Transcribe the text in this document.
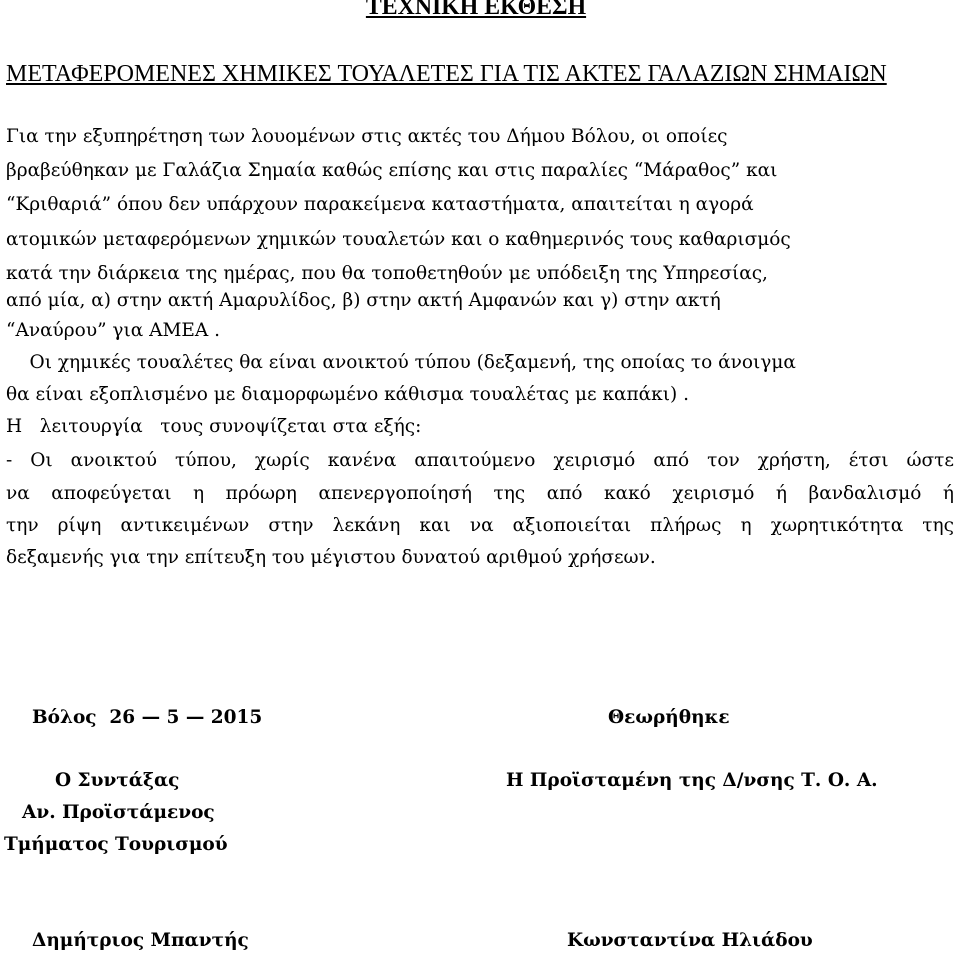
ΤΕΧΝΙΚΗ ΕΚΘΕΣΗ
ΜΕΤΑΦΕΡΟΜΕΝΕΣ ΧΗΜΙΚΕΣ ΤΟΥΑΛΕΤΕΣ ΓΙΑ ΤΙΣ ΑΚΤΕΣ ΓΑΛΑΖΙΩΝ ΣΗΜΑΙΩΝ
Για την εξυπηρέτηση των λουομένων στις ακτές του Δήμου Βόλου, οι οποίες
βραβεύθηκαν με Γαλάζια Σημαία καθώς επίσης και στις παραλίες “Μάραθος” και
“Κριθαριά” όπου δεν υπάρχουν παρακείμενα καταστήματα, απαιτείται η αγορά
ατομικών μεταφερόμενων χημικών τουαλετών και ο καθημερινός τους καθαρισμός
κατά την διάρκεια της ημέρας, που θα τοποθετηθούν με υπόδειξη της Υπηρεσίας,
από μία, α) στην ακτή Αμαρυλίδος, β) στην ακτή Αμφανών και γ) στην ακτή
“Αναύρου” για ΑΜΕΑ .
Οι χημικές τουαλέτες θα είναι ανοικτού τύπου (δεξαμενή, της οποίας το άνοιγμα
θα είναι εξοπλισμένο με διαμορφωμένο κάθισμα τουαλέτας με καπάκι) .
Η   λειτουργία   τους συνοψίζεται στα εξής:
- Οι ανοικτού τύπου, χωρίς κανένα απαιτούμενο χειρισμό από τον χρήστη, έτσι ώστε
να αποφεύγεται η πρόωρη απενεργοποίησή της από κακό χειρισμό ή βανδαλισμό ή
την ρίψη αντικειμένων στην λεκάνη και να αξιοποιείται πλήρως η χωρητικότητα της
δεξαμενής για την επίτευξη του μέγιστου δυνατού αριθμού χρήσεων.
Βόλος  26 — 5 — 2015	Θεωρήθηκε
Ο Συντάξας	Η Προϊσταμένη της Δ/νσης Τ. Ο. Α.
Αν. Προϊστάμενος
Τμήματος Τουρισμού
Δημήτριος Μπαντής	Κωνσταντίνα Ηλιάδου
